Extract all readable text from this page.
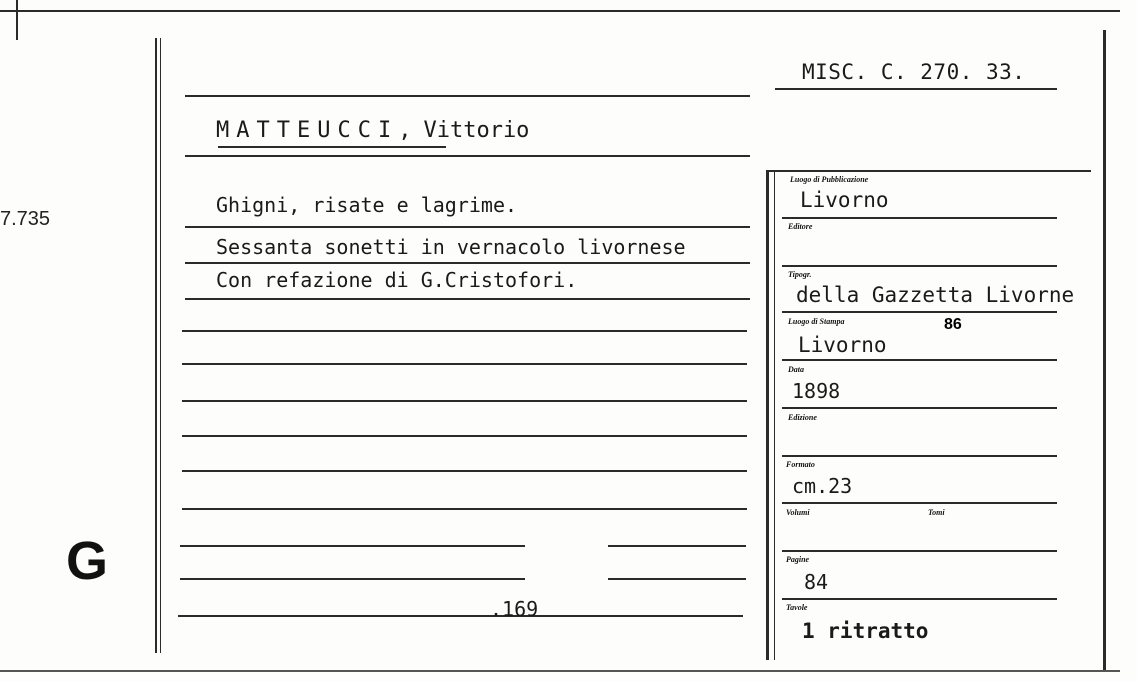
7.735
G
MISC. C. 270. 33.
MATTEUCCI, Vittorio
Ghigni, risate e lagrime.
Sessanta sonetti in vernacolo livornese
Con refazione di G.Cristofori.
.169
Luogo di Pubblicazione
Livorno
Editore
Tipogr.
della Gazzetta Livorne
Luogo di Stampa	86
Livorno
Data
1898
Edizione
Formato
cm.23
Volumi	Tomi
Pagine
84
Tavole
1 ritratto
